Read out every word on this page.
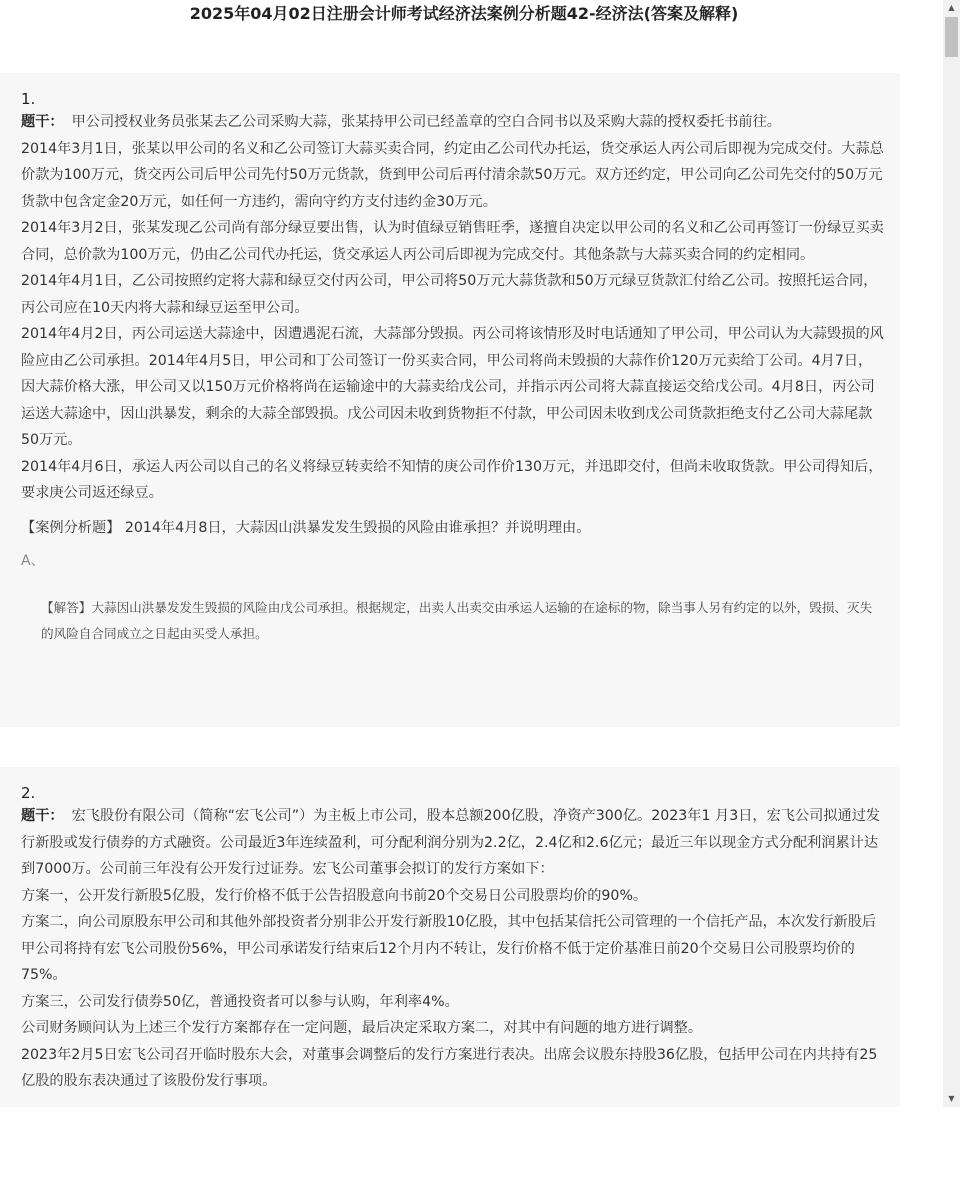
2025年04月02日注册会计师考试经济法案例分析题42-经济法(答案及解释)
1.

题干： 甲公司授权业务员张某去乙公司采购大蒜，张某持甲公司已经盖章的空白合同书以及采购大蒜的授权委托书前往。

2014年3月1日，张某以甲公司的名义和乙公司签订大蒜买卖合同，约定由乙公司代办托运，货交承运人丙公司后即视为完成交付。大蒜总价款为100万元，货交丙公司后甲公司先付50万元货款，货到甲公司后再付清余款50万元。双方还约定，甲公司向乙公司先交付的50万元货款中包含定金20万元，如任何一方违约，需向守约方支付违约金30万元。

2014年3月2日，张某发现乙公司尚有部分绿豆要出售，认为时值绿豆销售旺季，遂擅自决定以甲公司的名义和乙公司再签订一份绿豆买卖合同，总价款为100万元，仍由乙公司代办托运，货交承运人丙公司后即视为完成交付。其他条款与大蒜买卖合同的约定相同。

2014年4月1日，乙公司按照约定将大蒜和绿豆交付丙公司，甲公司将50万元大蒜货款和50万元绿豆货款汇付给乙公司。按照托运合同，丙公司应在10天内将大蒜和绿豆运至甲公司。

2014年4月2日，丙公司运送大蒜途中，因遭遇泥石流，大蒜部分毁损。丙公司将该情形及时电话通知了甲公司，甲公司认为大蒜毁损的风险应由乙公司承担。2014年4月5日，甲公司和丁公司签订一份买卖合同，甲公司将尚未毁损的大蒜作价120万元卖给丁公司。4月7日，因大蒜价格大涨，甲公司又以150万元价格将尚在运输途中的大蒜卖给戊公司，并指示丙公司将大蒜直接运交给戊公司。4月8日，丙公司运送大蒜途中，因山洪暴发，剩余的大蒜全部毁损。戊公司因未收到货物拒不付款，甲公司因未收到戊公司货款拒绝支付乙公司大蒜尾款50万元。

2014年4月6日，承运人丙公司以自己的名义将绿豆转卖给不知情的庚公司作价130万元，并迅即交付，但尚未收取货款。甲公司得知后，要求庚公司返还绿豆。

【案例分析题】 2014年4月8日，大蒜因山洪暴发发生毁损的风险由谁承担？并说明理由。
A、
【解答】大蒜因山洪暴发发生毁损的风险由戊公司承担。根据规定，出卖人出卖交由承运人运输的在途标的物，除当事人另有约定的以外，毁损、灭失的风险自合同成立之日起由买受人承担。
2.

题干： 宏飞股份有限公司（简称“宏飞公司”）为主板上市公司，股本总额200亿股，净资产300亿。2023年1 月3日，宏飞公司拟通过发行新股或发行债券的方式融资。公司最近3年连续盈利，可分配利润分别为2.2亿，2.4亿和2.6亿元；最近三年以现金方式分配利润累计达到7000万。公司前三年没有公开发行过证券。宏飞公司董事会拟订的发行方案如下：

方案一，公开发行新股5亿股，发行价格不低于公告招股意向书前20个交易日公司股票均价的90%。

方案二，向公司原股东甲公司和其他外部投资者分别非公开发行新股10亿股，其中包括某信托公司管理的一个信托产品，本次发行新股后甲公司将持有宏飞公司股份56%，甲公司承诺发行结束后12个月内不转让，发行价格不低于定价基准日前20个交易日公司股票均价的75%。

方案三，公司发行债券50亿，普通投资者可以参与认购，年利率4%。

公司财务顾问认为上述三个发行方案都存在一定问题，最后决定采取方案二，对其中有问题的地方进行调整。

2023年2月5日宏飞公司召开临时股东大会，对董事会调整后的发行方案进行表决。出席会议股东持股36亿股，包括甲公司在内共持有25亿股的股东表决通过了该股份发行事项。

▲
▼
